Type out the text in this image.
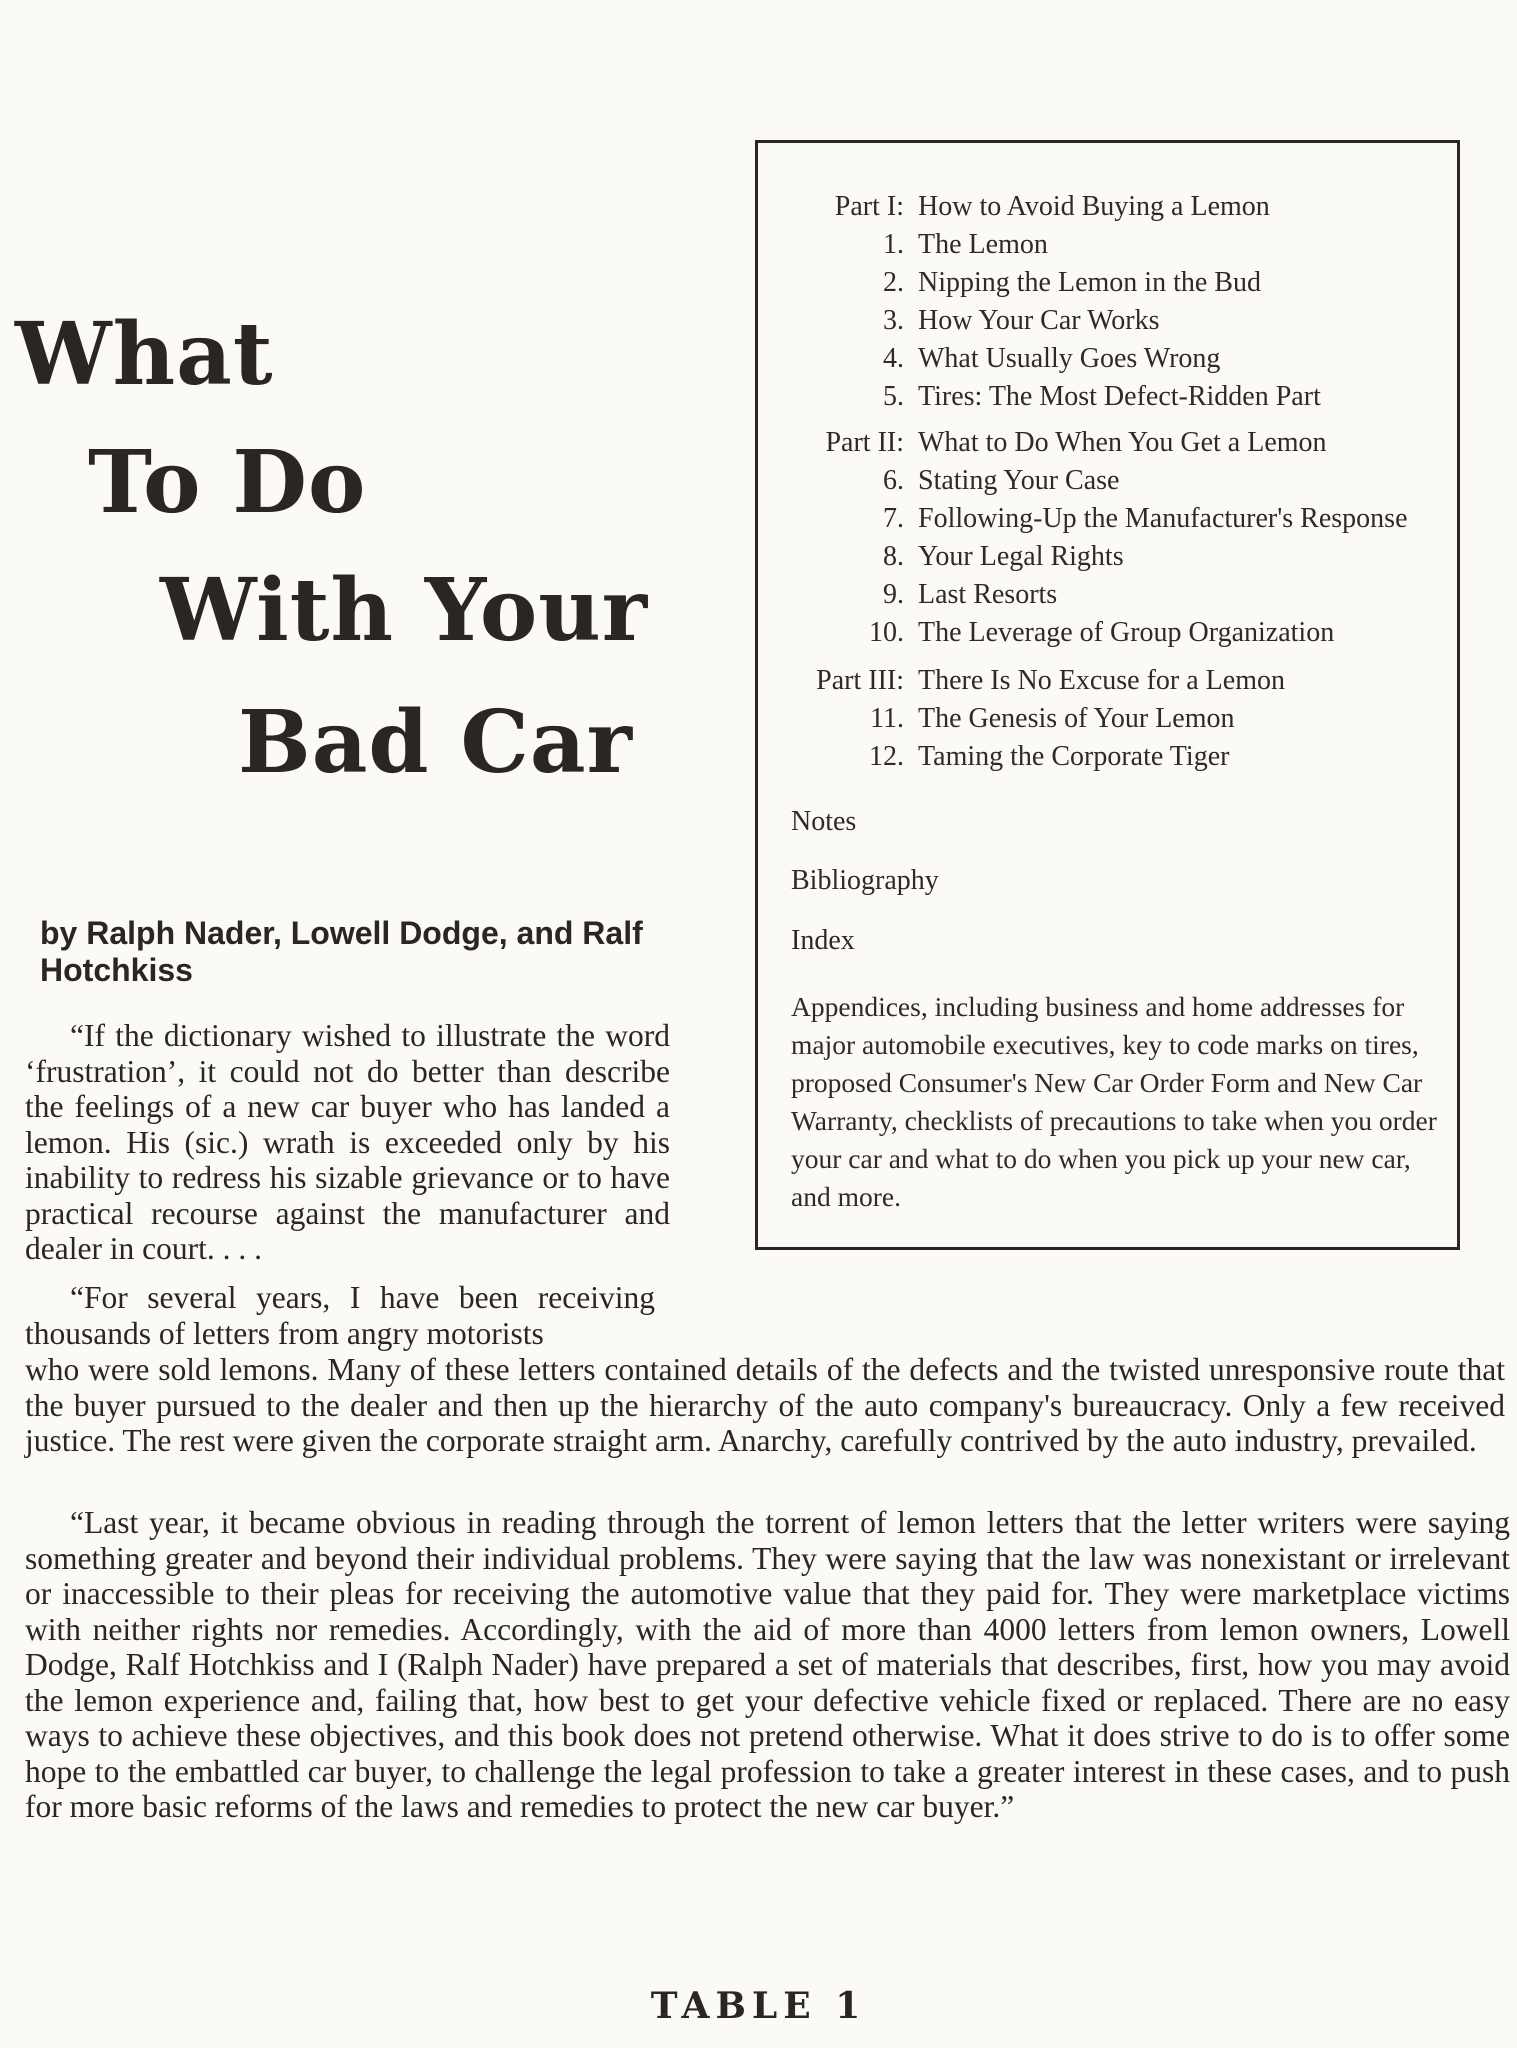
What
To Do
With Your
Bad Car

by Ralph Nader, Lowell Dodge, and Ralf Hotchkiss

Part I: How to Avoid Buying a Lemon
1. The Lemon
2. Nipping the Lemon in the Bud
3. How Your Car Works
4. What Usually Goes Wrong
5. Tires: The Most Defect-Ridden Part
Part II: What to Do When You Get a Lemon
6. Stating Your Case
7. Following-Up the Manufacturer's Response
8. Your Legal Rights
9. Last Resorts
10. The Leverage of Group Organization
Part III: There Is No Excuse for a Lemon
11. The Genesis of Your Lemon
12. Taming the Corporate Tiger
Notes
Bibliography
Index

Appendices, including business and home addresses for major automobile executives, key to code marks on tires, proposed Consumer's New Car Order Form and New Car Warranty, checklists of precautions to take when you order your car and what to do when you pick up your new car, and more.

“If the dictionary wished to illustrate the word ‘frustration’, it could not do better than describe the feelings of a new car buyer who has landed a lemon. His (sic.) wrath is exceeded only by his inability to redress his sizable grievance or to have practical recourse against the manufacturer and dealer in court. . . .

“For several years, I have been receiving thousands of letters from angry motorists

who were sold lemons. Many of these letters contained details of the defects and the twisted unresponsive route that the buyer pursued to the dealer and then up the hierarchy of the auto company's bureaucracy. Only a few received justice. The rest were given the corporate straight arm. Anarchy, carefully contrived by the auto industry, prevailed.

“Last year, it became obvious in reading through the torrent of lemon letters that the letter writers were saying something greater and beyond their individual problems. They were saying that the law was nonexistant or irrelevant or inaccessible to their pleas for receiving the automotive value that they paid for. They were marketplace victims with neither rights nor remedies. Accordingly, with the aid of more than 4000 letters from lemon owners, Lowell Dodge, Ralf Hotchkiss and I (Ralph Nader) have prepared a set of materials that describes, first, how you may avoid the lemon experience and, failing that, how best to get your defective vehicle fixed or replaced. There are no easy ways to achieve these objectives, and this book does not pretend otherwise. What it does strive to do is to offer some hope to the embattled car buyer, to challenge the legal profession to take a greater interest in these cases, and to push for more basic reforms of the laws and remedies to protect the new car buyer.”

TABLE 1
